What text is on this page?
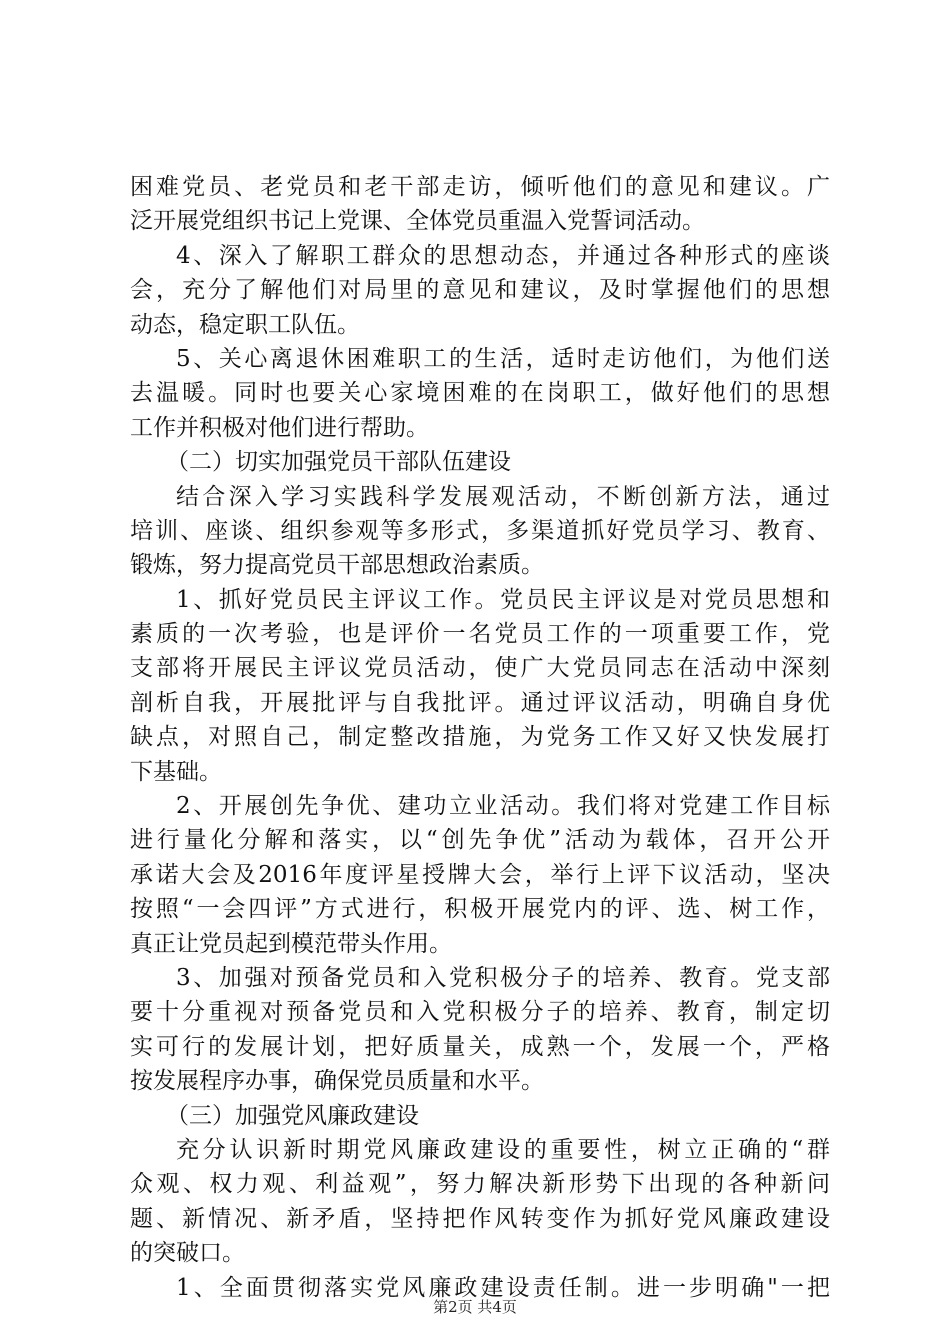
困难党员、老党员和老干部走访，倾听他们的意见和建议。广
泛开展党组织书记上党课、全体党员重温入党誓词活动。
4、深入了解职工群众的思想动态，并通过各种形式的座谈
会，充分了解他们对局里的意见和建议，及时掌握他们的思想
动态，稳定职工队伍。
5、关心离退休困难职工的生活，适时走访他们，为他们送
去温暖。同时也要关心家境困难的在岗职工，做好他们的思想
工作并积极对他们进行帮助。
（二）切实加强党员干部队伍建设
结合深入学习实践科学发展观活动，不断创新方法，通过
培训、座谈、组织参观等多形式，多渠道抓好党员学习、教育、
锻炼，努力提高党员干部思想政治素质。
1、抓好党员民主评议工作。党员民主评议是对党员思想和
素质的一次考验，也是评价一名党员工作的一项重要工作，党
支部将开展民主评议党员活动，使广大党员同志在活动中深刻
剖析自我，开展批评与自我批评。通过评议活动，明确自身优
缺点，对照自己，制定整改措施，为党务工作又好又快发展打
下基础。
2、开展创先争优、建功立业活动。我们将对党建工作目标
进行量化分解和落实，以“创先争优”活动为载体，召开公开
承诺大会及2016年度评星授牌大会，举行上评下议活动，坚决
按照“一会四评”方式进行，积极开展党内的评、选、树工作，
真正让党员起到模范带头作用。
3、加强对预备党员和入党积极分子的培养、教育。党支部
要十分重视对预备党员和入党积极分子的培养、教育，制定切
实可行的发展计划，把好质量关，成熟一个，发展一个，严格
按发展程序办事，确保党员质量和水平。
（三）加强党风廉政建设
充分认识新时期党风廉政建设的重要性，树立正确的“群
众观、权力观、利益观”，努力解决新形势下出现的各种新问
题、新情况、新矛盾，坚持把作风转变作为抓好党风廉政建设
的突破口。
1、全面贯彻落实党风廉政建设责任制。进一步明确"一把
第2页 共4页
